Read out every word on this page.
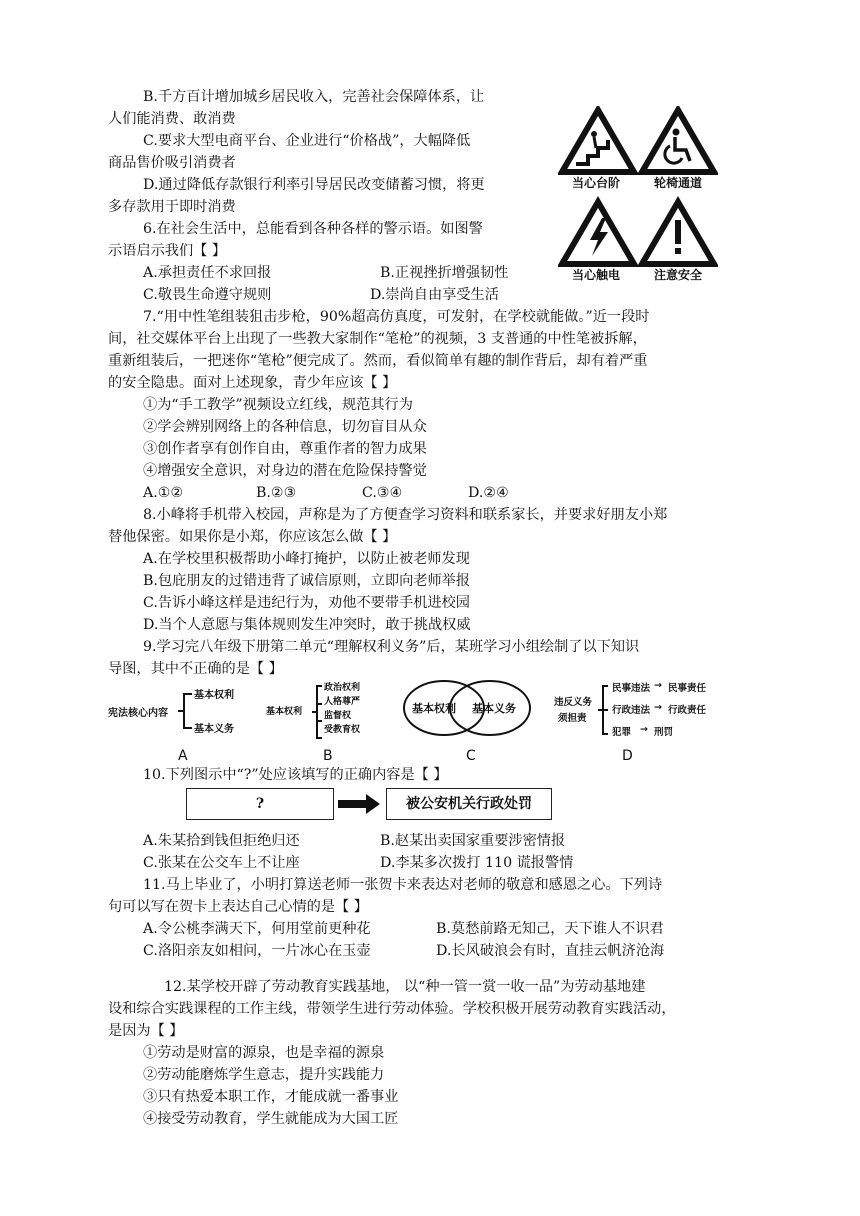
B.千方百计增加城乡居民收入，完善社会保障体系，让
人们能消费、敢消费
C.要求大型电商平台、企业进行“价格战”，大幅降低
商品售价吸引消费者
D.通过降低存款银行利率引导居民改变储蓄习惯，将更
多存款用于即时消费
当心台阶	轮椅通道
当心触电	注意安全
6.在社会生活中，总能看到各种各样的警示语。如图警
示语启示我们【 】
A.承担责任不求回报	B.正视挫折增强韧性
C.敬畏生命遵守规则	D.崇尚自由享受生活
7.“用中性笔组装狙击步枪，90%超高仿真度，可发射，在学校就能做。”近一段时
间，社交媒体平台上出现了一些教大家制作“笔枪”的视频，3 支普通的中性笔被拆解，
重新组装后，一把迷你“笔枪”便完成了。然而，看似简单有趣的制作背后，却有着严重
的安全隐患。面对上述现象，青少年应该【 】
①为“手工教学”视频设立红线，规范其行为
②学会辨别网络上的各种信息，切勿盲目从众
③创作者享有创作自由，尊重作者的智力成果
④增强安全意识，对身边的潜在危险保持警觉
A.①②	B.②③	C.③④	D.②④
8.小峰将手机带入校园，声称是为了方便查学习资料和联系家长，并要求好朋友小郑
替他保密。如果你是小郑，你应该怎么做【 】
A.在学校里积极帮助小峰打掩护，以防止被老师发现
B.包庇朋友的过错违背了诚信原则，立即向老师举报
C.告诉小峰这样是违纪行为，劝他不要带手机进校园
D.当个人意愿与集体规则发生冲突时，敢于挑战权威
9.学习完八年级下册第二单元“理解权利义务”后，某班学习小组绘制了以下知识
导图，其中不正确的是【 】
宪法核心内容
基本权利
基本义务
基本权利
政治权利
人格尊严
监督权
受教育权
基本权利 基本义务	违反义务
须担责
民事违法 → 民事责任
行政违法 → 行政责任
犯罪 → 刑罚
A	B	C	D
10.下列图示中“?”处应该填写的正确内容是【 】
?	被公安机关行政处罚
A.朱某拾到钱但拒绝归还	B.赵某出卖国家重要涉密情报
C.张某在公交车上不让座	D.李某多次拨打 110 谎报警情
11.马上毕业了，小明打算送老师一张贺卡来表达对老师的敬意和感恩之心。下列诗
句可以写在贺卡上表达自己心情的是【 】
A.令公桃李满天下，何用堂前更种花	B.莫愁前路无知己，天下谁人不识君
C.洛阳亲友如相问，一片冰心在玉壶	D.长风破浪会有时，直挂云帆济沧海
12.某学校开辟了劳动教育实践基地， 以“种一管一赏一收一品”为劳动基地建
设和综合实践课程的工作主线，带领学生进行劳动体验。学校积极开展劳动教育实践活动，
是因为【 】
①劳动是财富的源泉，也是幸福的源泉
②劳动能磨炼学生意志，提升实践能力
③只有热爱本职工作，才能成就一番事业
④接受劳动教育，学生就能成为大国工匠
